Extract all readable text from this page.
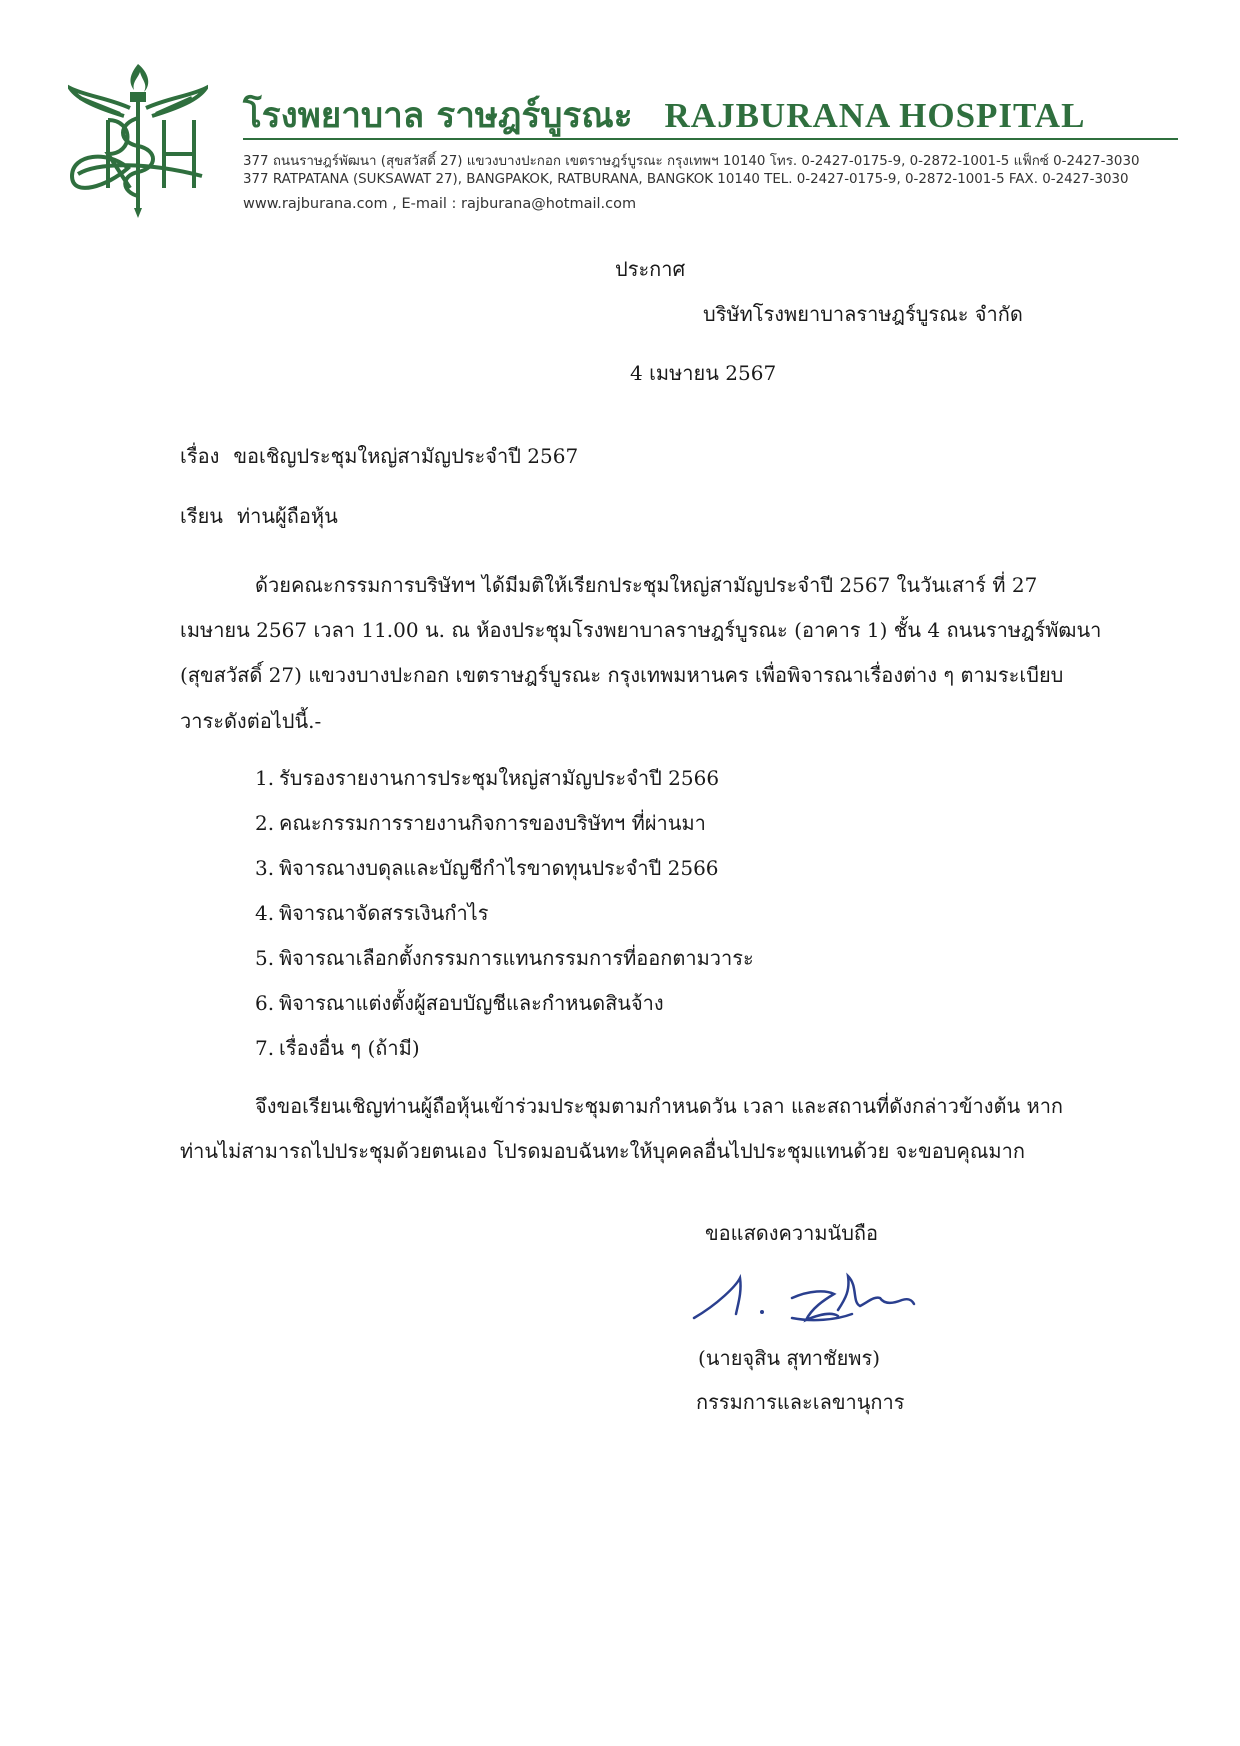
โรงพยาบาล ราษฎร์บูรณะ RAJBURANA HOSPITAL
377 ถนนราษฎร์พัฒนา (สุขสวัสดิ์ 27) แขวงบางปะกอก เขตราษฎร์บูรณะ กรุงเทพฯ 10140 โทร. 0-2427-0175-9, 0-2872-1001-5 แฟ็กซ์ 0-2427-3030
377 RATPATANA (SUKSAWAT 27), BANGPAKOK, RATBURANA, BANGKOK 10140 TEL. 0-2427-0175-9, 0-2872-1001-5 FAX. 0-2427-3030
www.rajburana.com , E-mail : rajburana@hotmail.com
ประกาศ
บริษัทโรงพยาบาลราษฎร์บูรณะ จำกัด
4 เมษายน 2567
เรื่อง ขอเชิญประชุมใหญ่สามัญประจำปี 2567
เรียน ท่านผู้ถือหุ้น
ด้วยคณะกรรมการบริษัทฯ ได้มีมติให้เรียกประชุมใหญ่สามัญประจำปี 2567 ในวันเสาร์ ที่ 27
เมษายน 2567 เวลา 11.00 น. ณ ห้องประชุมโรงพยาบาลราษฎร์บูรณะ (อาคาร 1) ชั้น 4 ถนนราษฎร์พัฒนา
(สุขสวัสดิ์ 27) แขวงบางปะกอก เขตราษฎร์บูรณะ กรุงเทพมหานคร เพื่อพิจารณาเรื่องต่าง ๆ ตามระเบียบ
วาระดังต่อไปนี้.-
1. รับรองรายงานการประชุมใหญ่สามัญประจำปี 2566
2. คณะกรรมการรายงานกิจการของบริษัทฯ ที่ผ่านมา
3. พิจารณางบดุลและบัญชีกำไรขาดทุนประจำปี 2566
4. พิจารณาจัดสรรเงินกำไร
5. พิจารณาเลือกตั้งกรรมการแทนกรรมการที่ออกตามวาระ
6. พิจารณาแต่งตั้งผู้สอบบัญชีและกำหนดสินจ้าง
7. เรื่องอื่น ๆ (ถ้ามี)
จึงขอเรียนเชิญท่านผู้ถือหุ้นเข้าร่วมประชุมตามกำหนดวัน เวลา และสถานที่ดังกล่าวข้างต้น หาก
ท่านไม่สามารถไปประชุมด้วยตนเอง โปรดมอบฉันทะให้บุคคลอื่นไปประชุมแทนด้วย จะขอบคุณมาก
ขอแสดงความนับถือ
(นายจุสิน สุทาชัยพร)
กรรมการและเลขานุการ
